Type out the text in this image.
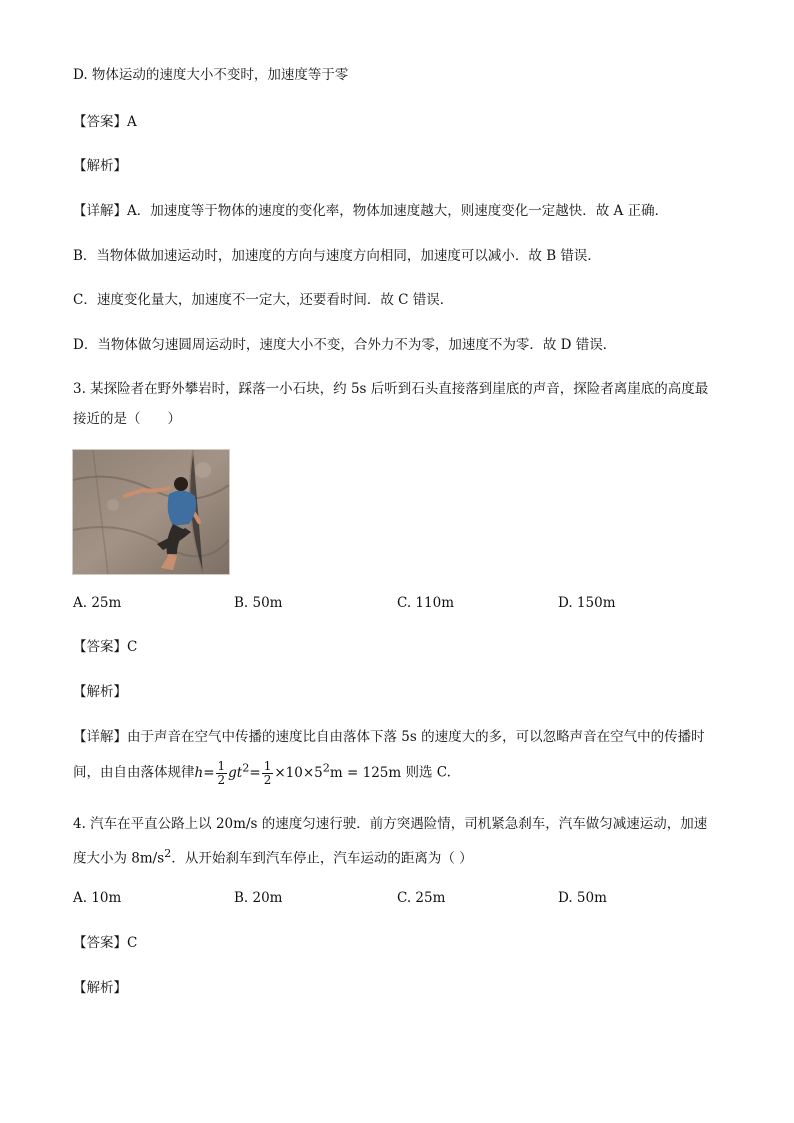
D. 物体运动的速度大小不变时，加速度等于零
【答案】A
【解析】
【详解】A．加速度等于物体的速度的变化率，物体加速度越大，则速度变化一定越快．故 A 正确．
B．当物体做加速运动时，加速度的方向与速度方向相同，加速度可以减小．故 B 错误．
C．速度变化量大，加速度不一定大，还要看时间．故 C 错误．
D．当物体做匀速圆周运动时，速度大小不变，合外力不为零，加速度不为零．故 D 错误．
3. 某探险者在野外攀岩时，踩落一小石块，约 5s 后听到石头直接落到崖底的声音，探险者离崖底的高度最
接近的是（　　）
A. 25m	B. 50m	C. 110m	D. 150m
【答案】C
【解析】
【详解】由于声音在空气中传播的速度比自由落体下落 5s 的速度大的多，可以忽略声音在空气中的传播时
间，由自由落体规律$h= \frac{1}{2} gt^2= \frac{1}{2} \times 10\times 5^2m = 125m$ 则选 C.
4. 汽车在平直公路上以 20m/s 的速度匀速行驶．前方突遇险情，司机紧急刹车，汽车做匀减速运动，加速
度大小为 $8m/s^2$．从开始刹车到汽车停止，汽车运动的距离为（ ）
A. 10m	B. 20m	C. 25m	D. 50m
【答案】C
【解析】
